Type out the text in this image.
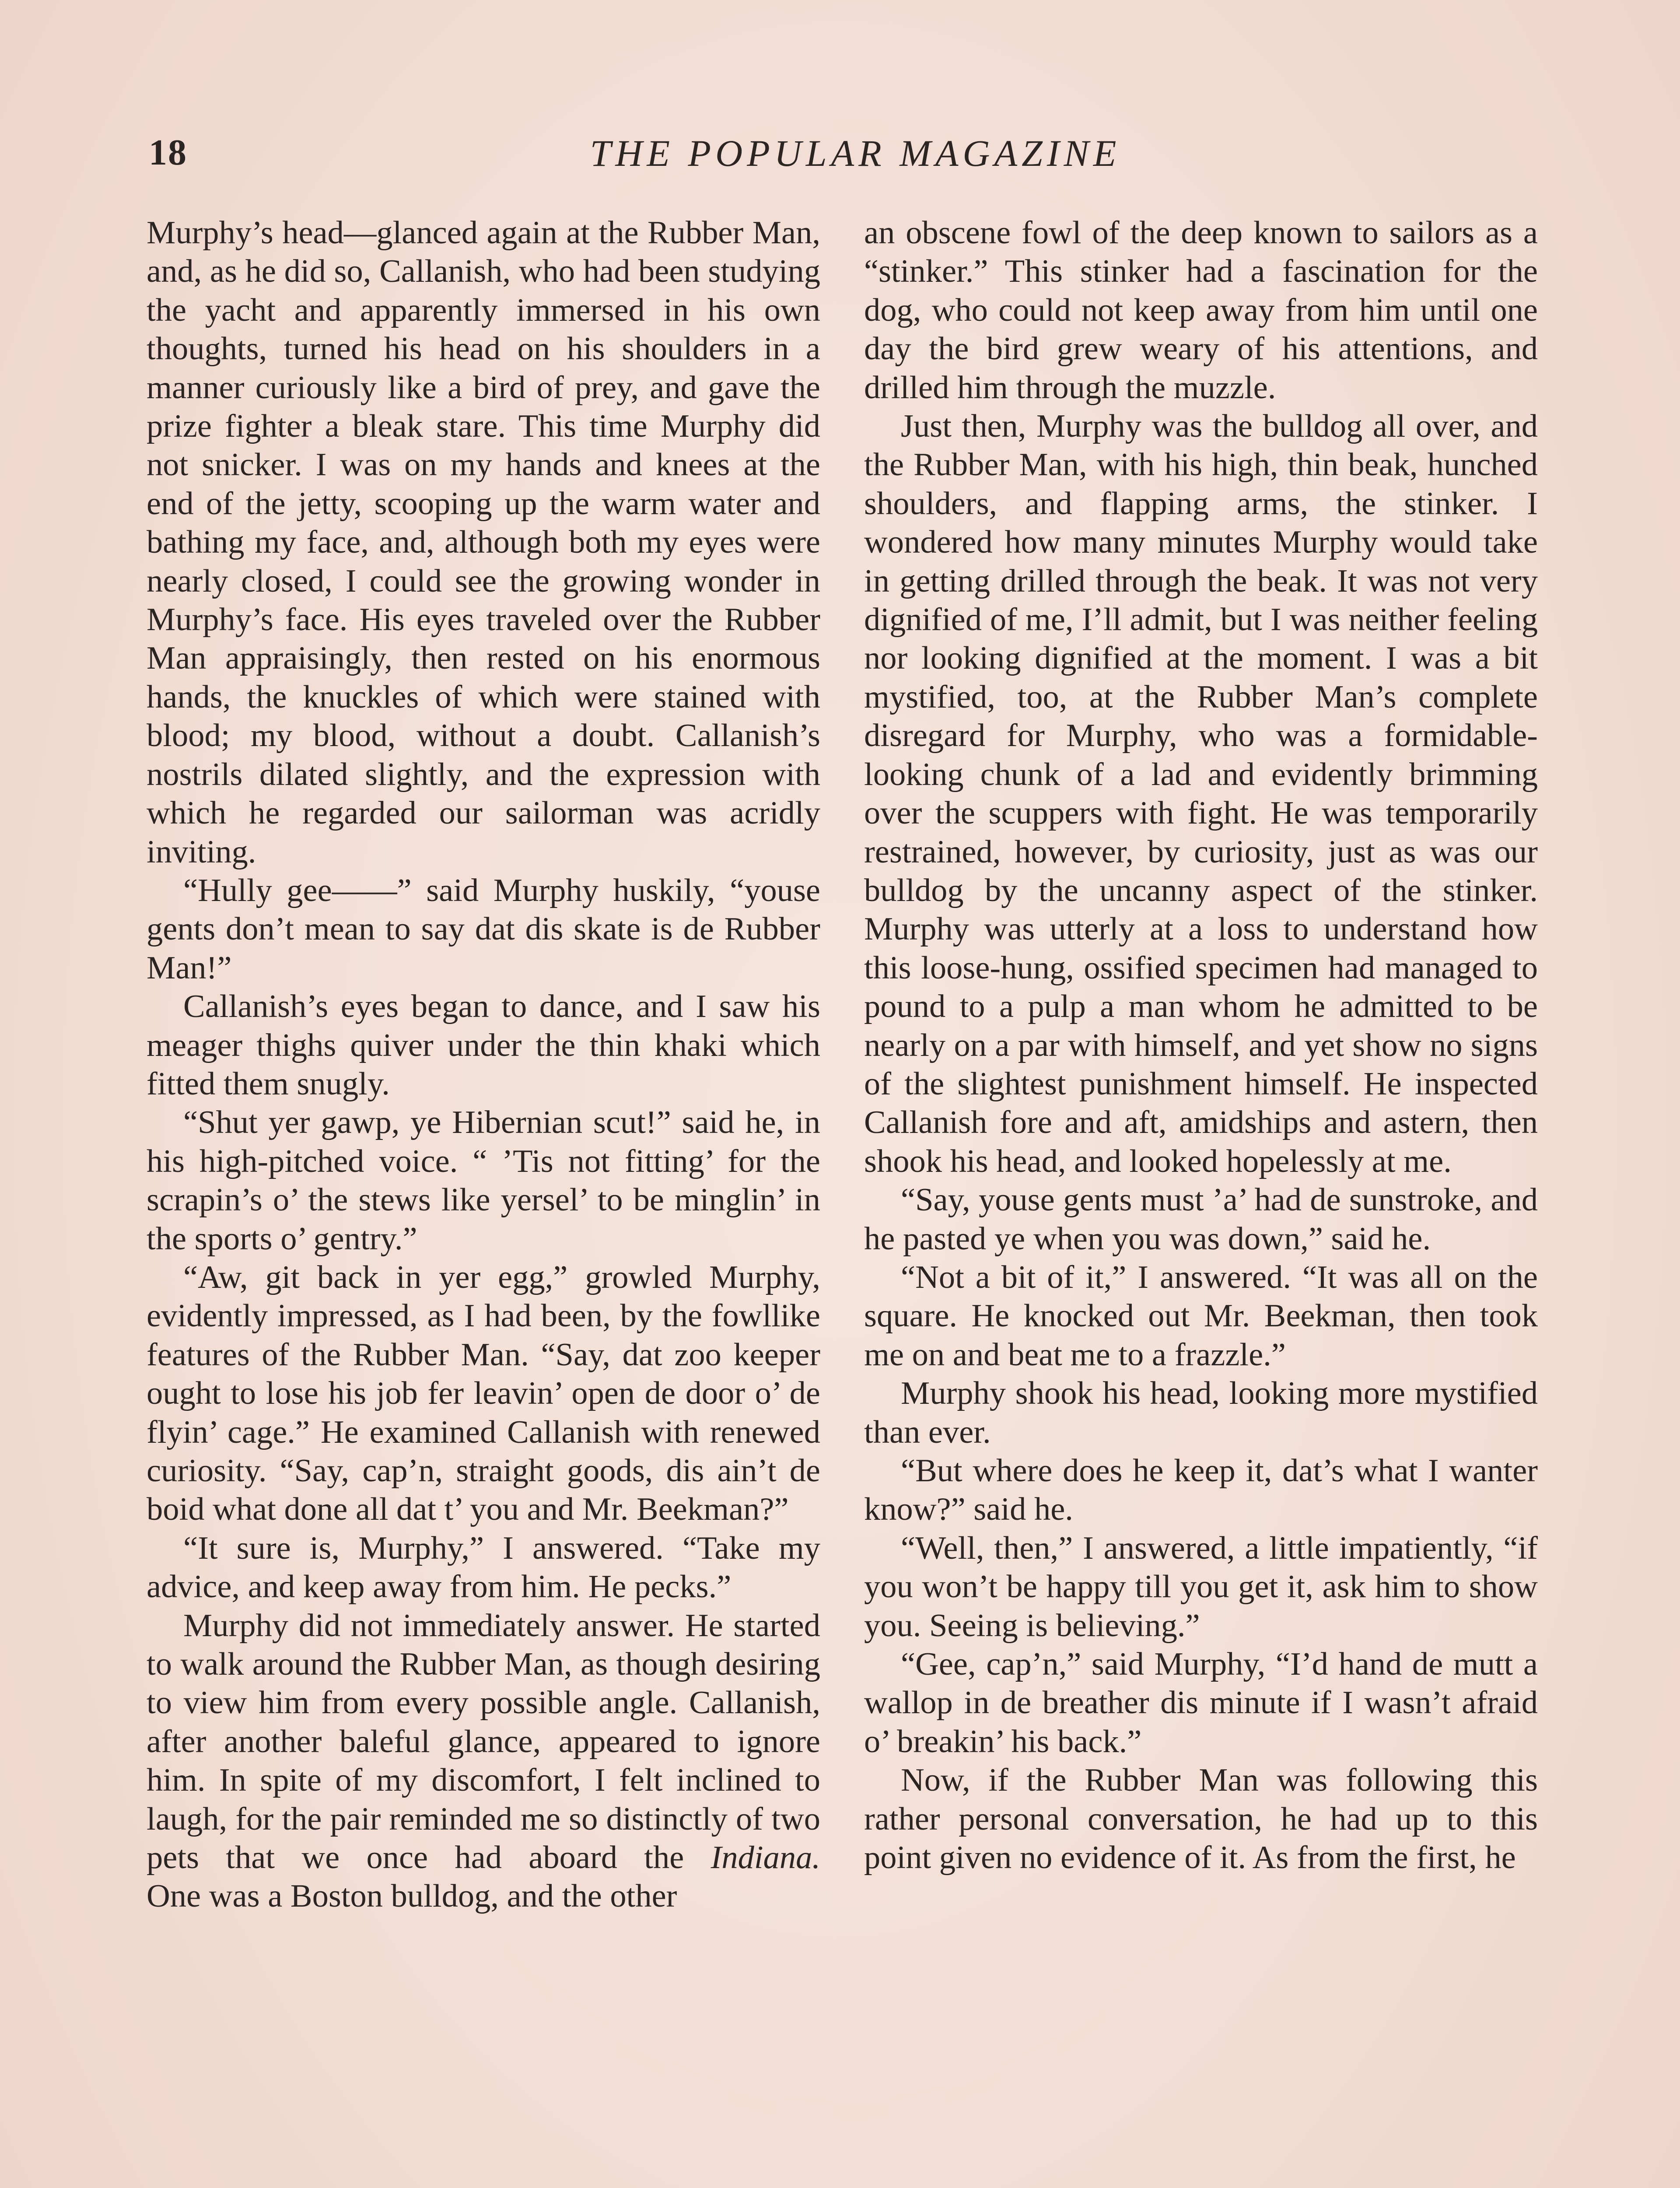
18	THE POPULAR MAGAZINE

Murphy’s head—glanced again at the Rubber Man, and, as he did so, Callanish, who had been studying the yacht and apparently immersed in his own thoughts, turned his head on his shoulders in a manner curiously like a bird of prey, and gave the prize fighter a bleak stare. This time Murphy did not snicker. I was on my hands and knees at the end of the jetty, scooping up the warm water and bathing my face, and, although both my eyes were nearly closed, I could see the growing wonder in Murphy’s face. His eyes traveled over the Rubber Man appraisingly, then rested on his enormous hands, the knuckles of which were stained with blood; my blood, without a doubt. Callanish’s nostrils dilated slightly, and the expression with which he regarded our sailorman was acridly inviting.

“Hully gee——” said Murphy huskily, “youse gents don’t mean to say dat dis skate is de Rubber Man!”

Callanish’s eyes began to dance, and I saw his meager thighs quiver under the thin khaki which fitted them snugly.

“Shut yer gawp, ye Hibernian scut!” said he, in his high-pitched voice. “ ’Tis not fitting’ for the scrapin’s o’ the stews like yersel’ to be minglin’ in the sports o’ gentry.”

“Aw, git back in yer egg,” growled Murphy, evidently impressed, as I had been, by the fowllike features of the Rubber Man. “Say, dat zoo keeper ought to lose his job fer leavin’ open de door o’ de flyin’ cage.” He examined Callanish with renewed curiosity. “Say, cap’n, straight goods, dis ain’t de boid what done all dat t’ you and Mr. Beekman?”

“It sure is, Murphy,” I answered. “Take my advice, and keep away from him. He pecks.”

Murphy did not immediately answer. He started to walk around the Rubber Man, as though desiring to view him from every possible angle. Callanish, after another baleful glance, appeared to ignore him. In spite of my discomfort, I felt inclined to laugh, for the pair reminded me so distinctly of two pets that we once had aboard the Indiana.

One was a Boston bulldog, and the other

an obscene fowl of the deep known to sailors as a “stinker.” This stinker had a fascination for the dog, who could not keep away from him until one day the bird grew weary of his attentions, and drilled him through the muzzle.

Just then, Murphy was the bulldog all over, and the Rubber Man, with his high, thin beak, hunched shoulders, and flapping arms, the stinker. I wondered how many minutes Murphy would take in getting drilled through the beak. It was not very dignified of me, I’ll admit, but I was neither feeling nor looking dignified at the moment. I was a bit mystified, too, at the Rubber Man’s complete disregard for Murphy, who was a formidable-looking chunk of a lad and evidently brimming over the scuppers with fight. He was temporarily restrained, however, by curiosity, just as was our bulldog by the uncanny aspect of the stinker. Murphy was utterly at a loss to understand how this loose-hung, ossified specimen had managed to pound to a pulp a man whom he admitted to be nearly on a par with himself, and yet show no signs of the slightest punishment himself. He inspected Callanish fore and aft, amidships and astern, then shook his head, and looked hopelessly at me.

“Say, youse gents must ’a’ had de sunstroke, and he pasted ye when you was down,” said he.

“Not a bit of it,” I answered. “It was all on the square. He knocked out Mr. Beekman, then took me on and beat me to a frazzle.”

Murphy shook his head, looking more mystified than ever.

“But where does he keep it, dat’s what I wanter know?” said he.

“Well, then,” I answered, a little impatiently, “if you won’t be happy till you get it, ask him to show you. Seeing is believing.”

“Gee, cap’n,” said Murphy, “I’d hand de mutt a wallop in de breather dis minute if I wasn’t afraid o’ breakin’ his back.”

Now, if the Rubber Man was following this rather personal conversation, he had up to this point given no evidence of it. As from the first, he
